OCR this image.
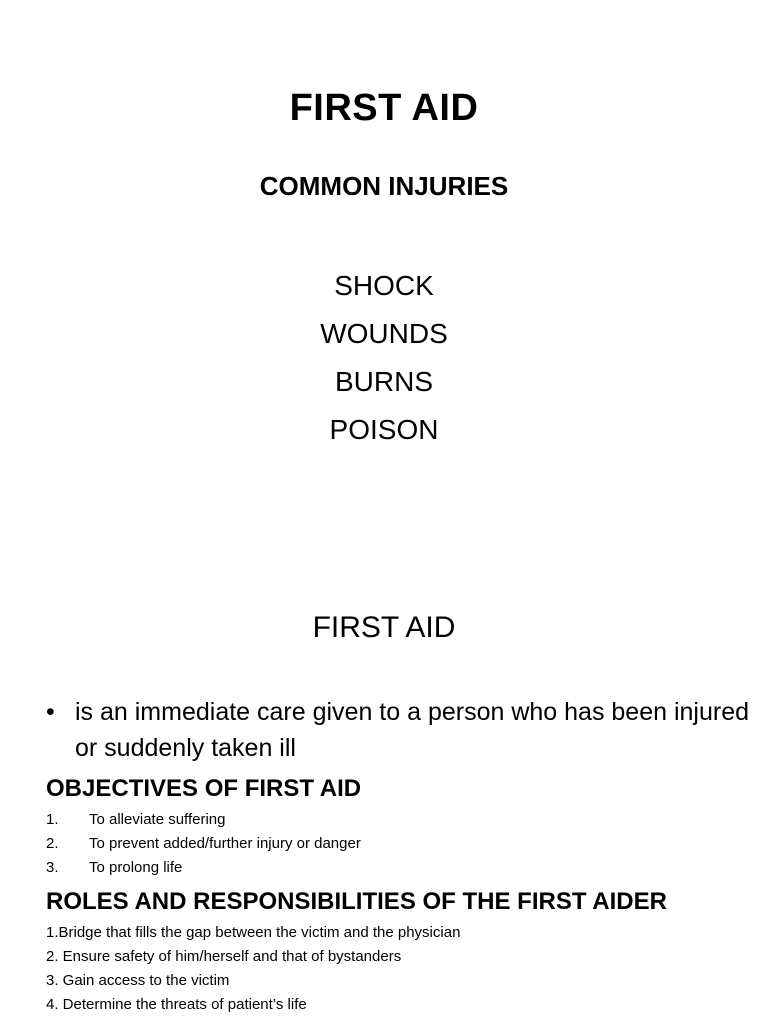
FIRST AID
COMMON INJURIES
SHOCK
WOUNDS
BURNS
POISON
FIRST AID
• is an immediate care given to a person who has been injured or suddenly taken ill
OBJECTIVES OF FIRST AID
1. To alleviate suffering
2. To prevent added/further injury or danger
3. To prolong life
ROLES AND RESPONSIBILITIES OF THE FIRST AIDER
1.Bridge that fills the gap between the victim and the physician
2. Ensure safety of him/herself and that of bystanders
3. Gain access to the victim
4. Determine the threats of patient’s life
